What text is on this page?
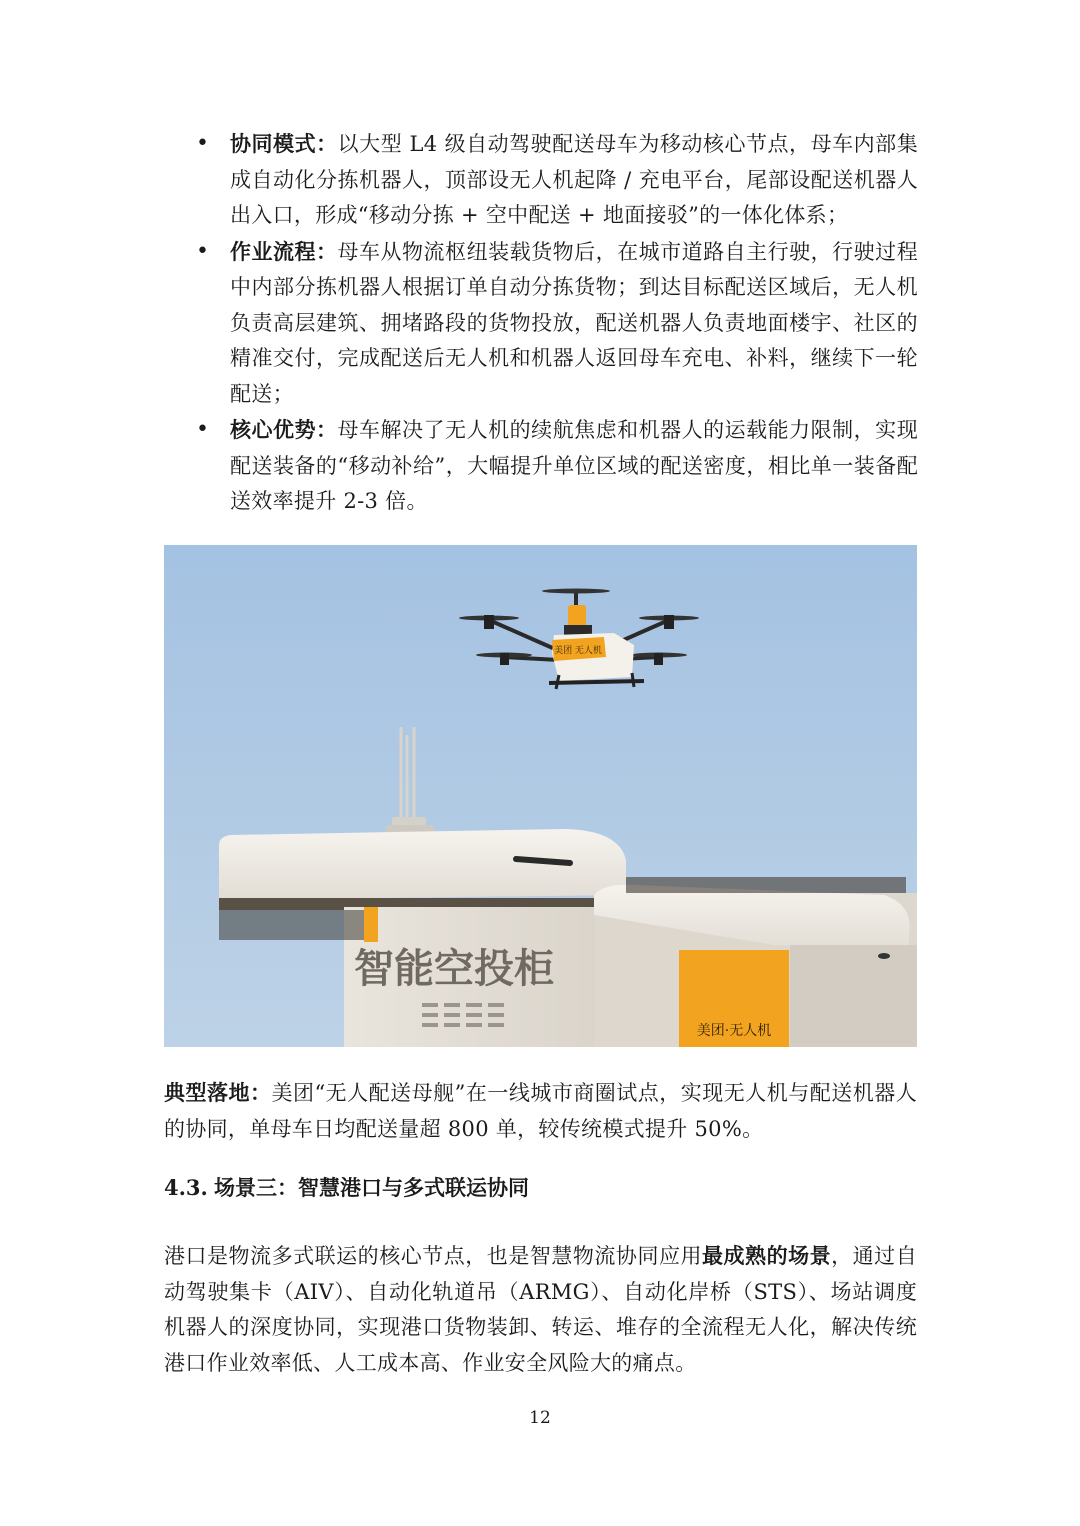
• 协同模式：以大型 L4 级自动驾驶配送母车为移动核心节点，母车内部集成自动化分拣机器人，顶部设无人机起降 / 充电平台，尾部设配送机器人出入口，形成“移动分拣 + 空中配送 + 地面接驳”的一体化体系；
• 作业流程：母车从物流枢纽装载货物后，在城市道路自主行驶，行驶过程中内部分拣机器人根据订单自动分拣货物；到达目标配送区域后，无人机负责高层建筑、拥堵路段的货物投放，配送机器人负责地面楼宇、社区的精准交付，完成配送后无人机和机器人返回母车充电、补料，继续下一轮配送；
• 核心优势：母车解决了无人机的续航焦虑和机器人的运载能力限制，实现配送装备的“移动补给”，大幅提升单位区域的配送密度，相比单一装备配送效率提升 2-3 倍。
美团 无人机
智能空投柜
美团·无人机

典型落地：美团“无人配送母舰”在一线城市商圈试点，实现无人机与配送机器人的协同，单母车日均配送量超 800 单，较传统模式提升 50%。

4.3. 场景三：智慧港口与多式联运协同

港口是物流多式联运的核心节点，也是智慧物流协同应用最成熟的场景，通过自动驾驶集卡（AIV）、自动化轨道吊（ARMG）、自动化岸桥（STS）、场站调度机器人的深度协同，实现港口货物装卸、转运、堆存的全流程无人化，解决传统港口作业效率低、人工成本高、作业安全风险大的痛点。

12
